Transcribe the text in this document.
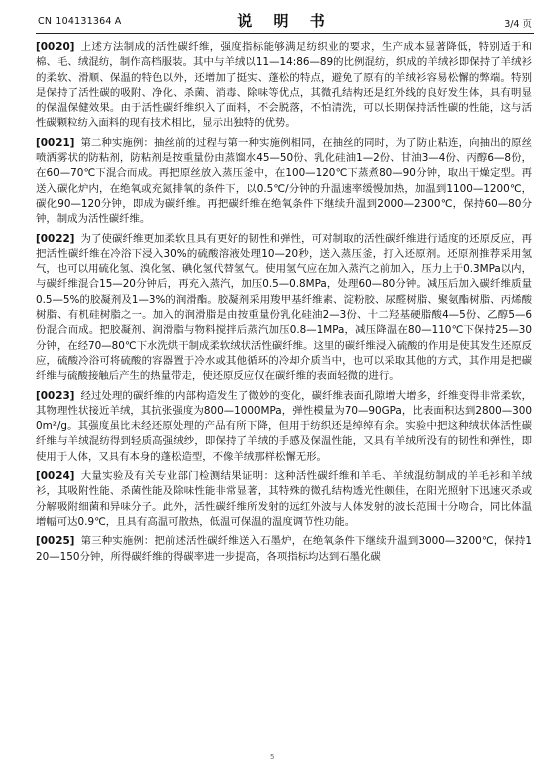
CN 104131364 A	说 明 书	3/4 页

[0020] 上述方法制成的活性碳纤维，强度指标能够满足纺织业的要求，生产成本显著降低，特别适于和棉、毛、绒混纺，制作高档服装。其中与羊绒以11—14:86—89的比例混纺，织成的羊绒衫即保持了羊绒衫的柔软、滑顺、保温的特色以外，还增加了挺实、蓬松的特点，避免了原有的羊绒衫容易松懈的弊端。特别是保持了活性碳的吸附、净化、杀菌、消毒、除味等优点，其微孔结构还是红外线的良好发生体，具有明显的保温保健效果。由于活性碳纤维织入了面料，不会脱落，不怕清洗，可以长期保持活性碳的性能，这与活性碳颗粒纺入面料的现有技术相比，显示出独特的优势。

[0021] 第二种实施例：抽丝前的过程与第一种实施例相同，在抽丝的同时，为了防止粘连，向抽出的原丝喷洒雾状的防粘剂，防粘剂是按重量份由蒸馏水45—50份、乳化硅油1—2份、甘油3—4份、丙醇6—8份，在60—70℃下混合而成。再把原丝放入蒸压釜中，在100—120℃下蒸煮80—90分钟，取出干燥定型。再送入碳化炉内，在绝氧或充氮排氧的条件下，以0.5℃/分钟的升温速率缓慢加热，加温到1100—1200℃，碳化90—120分钟，即成为碳纤维。再把碳纤维在绝氧条件下继续升温到2000—2300℃，保持60—80分钟，制成为活性碳纤维。

[0022] 为了使碳纤维更加柔软且具有更好的韧性和弹性，可对制取的活性碳纤维进行适度的还原反应，再把活性碳纤维在冷浴下浸入30%的硫酸溶液处理10—20秒，送入蒸压釜，打入还原剂。还原剂推荐采用氢气，也可以用硫化氢、溴化氢、碘化氢代替氢气。使用氢气应在加入蒸汽之前加入，压力上于0.3MPa以内，与碳纤维混合15—20分钟后，再充入蒸汽，加压0.5—0.8MPa，处理60—80分钟。减压后加入碳纤维质量0.5—5%的胶凝剂及1—3%的润滑酯。胶凝剂采用羧甲基纤维素、淀粉胶、尿醛树脂、聚氨酯树脂、丙烯酸树脂、有机硅树脂之一。加入的润滑脂是由按重量份乳化硅油2—3份、十二羟基硬脂酸4—5份、乙醇5—6份混合而成。把胶凝剂、润滑脂与物料搅拌后蒸汽加压0.8—1MPa，减压降温在80—110℃下保持25—30分钟，在经70—80℃下水洗烘干制成柔软绒状活性碳纤维。这里的碳纤维浸入硫酸的作用是使其发生还原反应，硫酸冷浴可将硫酸的容器置于冷水或其他循环的冷却介质当中，也可以采取其他的方式，其作用是把碳纤维与硫酸接触后产生的热量带走，使还原反应仅在碳纤维的表面轻微的进行。

[0023] 经过处理的碳纤维的内部构造发生了微妙的变化，碳纤维表面孔隙增大增多，纤维变得非常柔软，其物理性状接近羊绒，其抗张强度为800—1000MPa，弹性模量为70—90GPa，比表面积达到2800—3000m²/g。其强度虽比未经还原处理的产品有所下降，但用于纺织还是绰绰有余。实验中把这种绒状体活性碳纤维与羊绒混纺得到轻质高强绒纱，即保持了羊绒的手感及保温性能，又具有羊绒所没有的韧性和弹性，即使用于人体，又具有本身的蓬松造型，不像羊绒那样松懈无形。

[0024] 大量实验及有关专业部门检测结果证明：这种活性碳纤维和羊毛、羊绒混纺制成的羊毛衫和羊绒衫，其吸附性能、杀菌性能及除味性能非常显著，其特殊的微孔结构透光性颇佳，在阳光照射下迅速灭杀或分解吸附细菌和异味分子。此外，活性碳纤维所发射的远红外波与人体发射的波长范围十分吻合，同比体温增幅可达0.9℃，且具有高温可散热，低温可保温的温度调节性功能。

[0025] 第三种实施例：把前述活性碳纤维送入石墨炉，在绝氧条件下继续升温到3000—3200℃，保持120—150分钟，所得碳纤维的得碳率进一步提高，各项指标均达到石墨化碳

5
